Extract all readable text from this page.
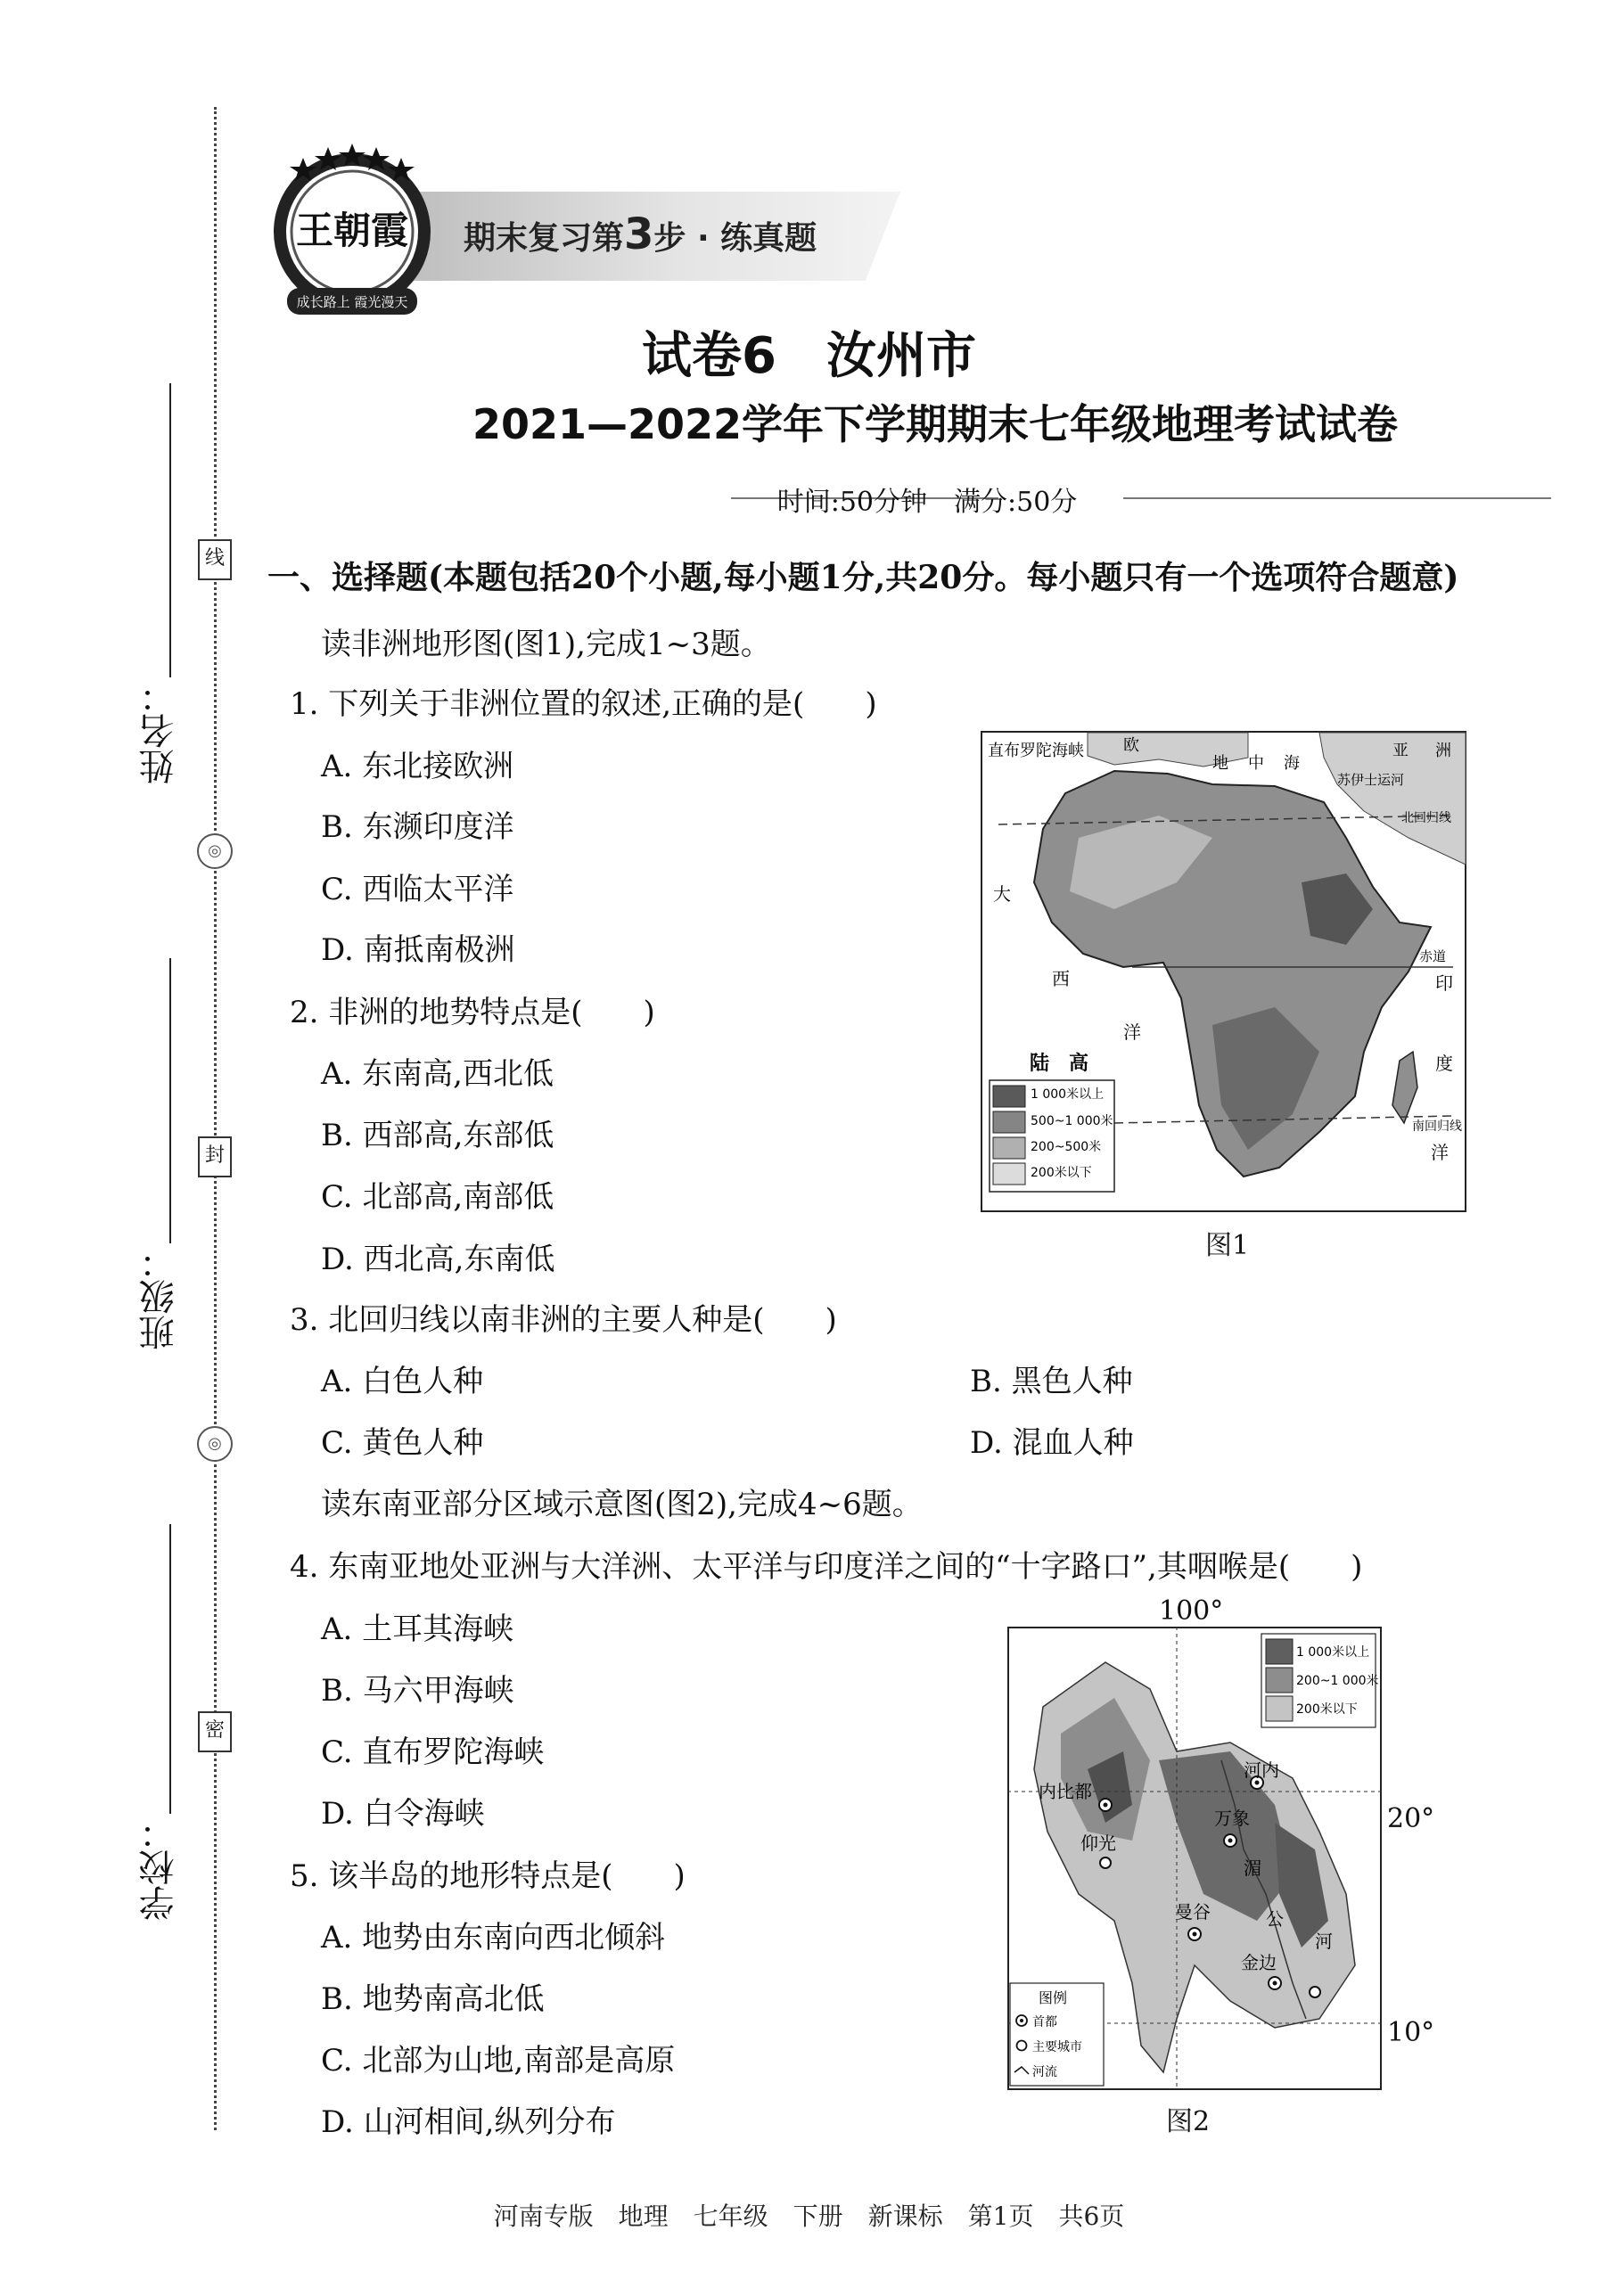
线
◎
封
◎
密
姓名：
班级：
学校：
期末复习第3步 · 练真题
王朝霞
成长路上 霞光漫天
试卷6　汝州市
2021—2022学年下学期期末七年级地理考试试卷
时间:50分钟　满分:50分
一、选择题(本题包括20个小题,每小题1分,共20分。每小题只有一个选项符合题意)
读非洲地形图(图1),完成1~3题。
1. 下列关于非洲位置的叙述,正确的是(　　)
A. 东北接欧洲
B. 东濒印度洋
C. 西临太平洋
D. 南抵南极洲
2. 非洲的地势特点是(　　)
A. 东南高,西北低
B. 西部高,东部低
C. 北部高,南部低
D. 西北高,东南低
3. 北回归线以南非洲的主要人种是(　　)
A. 白色人种	B. 黑色人种
C. 黄色人种	D. 混血人种
读东南亚部分区域示意图(图2),完成4~6题。
4. 东南亚地处亚洲与大洋洲、太平洋与印度洋之间的“十字路口”,其咽喉是(　　)
A. 土耳其海峡
B. 马六甲海峡
C. 直布罗陀海峡
D. 白令海峡
5. 该半岛的地形特点是(　　)
A. 地势由东南向西北倾斜
B. 地势南高北低
C. 北部为山地,南部是高原
D. 山河相间,纵列分布
直布罗陀海峡 欧
地 中 海
亚 洲
苏伊士运河
北回归线
赤道
南回归线
大
西
洋
印
度
洋
陆　高
1 000米以上
500~1 000米
200~500米
200米以下
图1
100°
1 000米以上
200~1 000米
200米以下
内比都
仰光
河内
万象
曼谷
金边
湄
公
河
图例
首都
主要城市
河流
20°
10°
图2
河南专版　地理　七年级　下册　新课标　第1页　共6页
